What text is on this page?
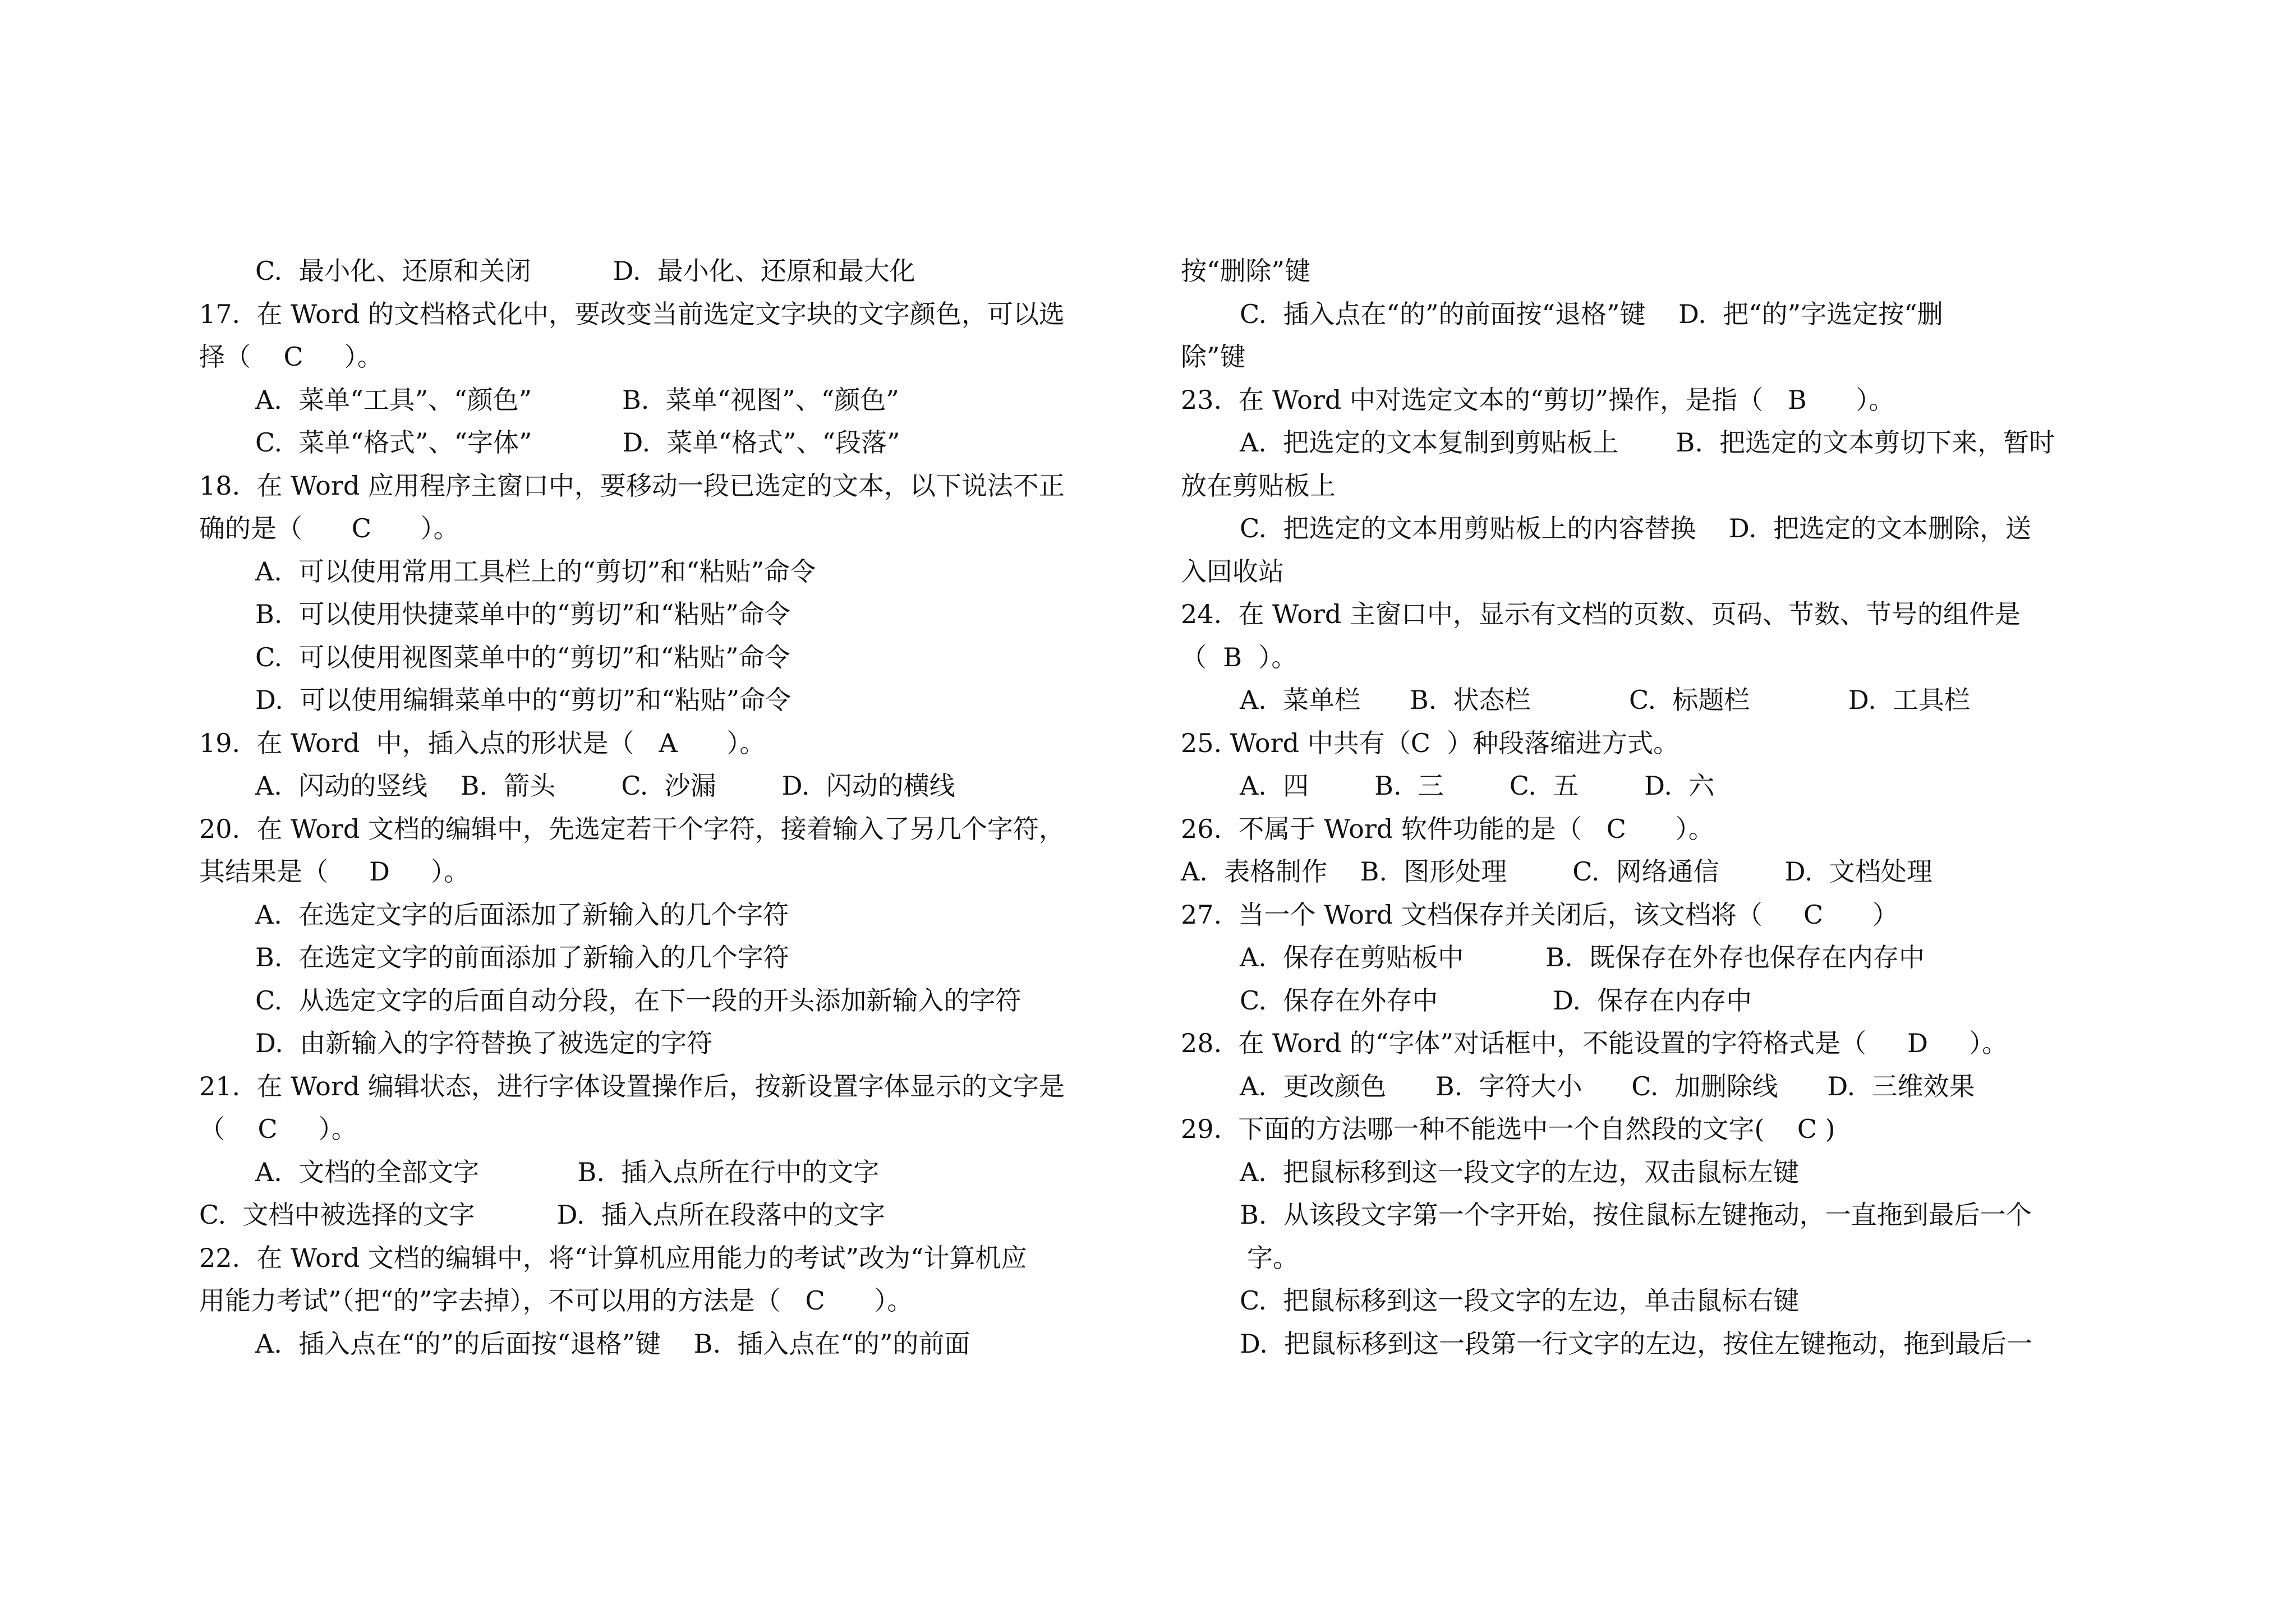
C.  最小化、还原和关闭          D.  最小化、还原和最大化
17.  在 Word 的文档格式化中，要改变当前选定文字块的文字颜色，可以选
择（    C     ）。
A.  菜单“工具”、“颜色”           B.  菜单“视图”、“颜色”
C.  菜单“格式”、“字体”           D.  菜单“格式”、“段落”
18.  在 Word 应用程序主窗口中，要移动一段已选定的文本，以下说法不正
确的是（      C      ）。
A.  可以使用常用工具栏上的“剪切”和“粘贴”命令
B.  可以使用快捷菜单中的“剪切”和“粘贴”命令
C.  可以使用视图菜单中的“剪切”和“粘贴”命令
D.  可以使用编辑菜单中的“剪切”和“粘贴”命令
19.  在 Word  中，插入点的形状是（   A      ）。
A.  闪动的竖线    B.  箭头        C.  沙漏        D.  闪动的横线
20.  在 Word 文档的编辑中，先选定若干个字符，接着输入了另几个字符，
其结果是（     D     ）。
A.  在选定文字的后面添加了新输入的几个字符
B.  在选定文字的前面添加了新输入的几个字符
C.  从选定文字的后面自动分段，在下一段的开头添加新输入的字符
D.  由新输入的字符替换了被选定的字符
21.  在 Word 编辑状态，进行字体设置操作后，按新设置字体显示的文字是
（    C     ）。
A.  文档的全部文字            B.  插入点所在行中的文字
C.  文档中被选择的文字          D.  插入点所在段落中的文字
22.  在 Word 文档的编辑中，将“计算机应用能力的考试”改为“计算机应
用能力考试”（把“的”字去掉），不可以用的方法是（   C      ）。
A.  插入点在“的”的后面按“退格”键    B.  插入点在“的”的前面
按“删除”键
C.  插入点在“的”的前面按“退格”键    D.  把“的”字选定按“删
除”键
23.  在 Word 中对选定文本的“剪切”操作，是指（   B      ）。
A.  把选定的文本复制到剪贴板上       B.  把选定的文本剪切下来，暂时
放在剪贴板上
C.  把选定的文本用剪贴板上的内容替换    D.  把选定的文本删除，送
入回收站
24.  在 Word 主窗口中，显示有文档的页数、页码、节数、节号的组件是
（  B  ）。
A.  菜单栏      B.  状态栏            C.  标题栏            D.  工具栏
25. Word 中共有（C  ）种段落缩进方式。
A.  四        B.  三        C.  五        D.  六
26.  不属于 Word 软件功能的是（   C      ）。
A.  表格制作    B.  图形处理        C.  网络通信        D.  文档处理
27.  当一个 Word 文档保存并关闭后，该文档将（     C      ）
A.  保存在剪贴板中          B.  既保存在外存也保存在内存中
C.  保存在外存中              D.  保存在内存中
28.  在 Word 的“字体”对话框中，不能设置的字符格式是（     D     ）。
A.  更改颜色      B.  字符大小      C.  加删除线      D.  三维效果
29.  下面的方法哪一种不能选中一个自然段的文字(    C )
A.  把鼠标移到这一段文字的左边，双击鼠标左键
B.  从该段文字第一个字开始，按住鼠标左键拖动，一直拖到最后一个
字。
C.  把鼠标移到这一段文字的左边，单击鼠标右键
D.  把鼠标移到这一段第一行文字的左边，按住左键拖动，拖到最后一
